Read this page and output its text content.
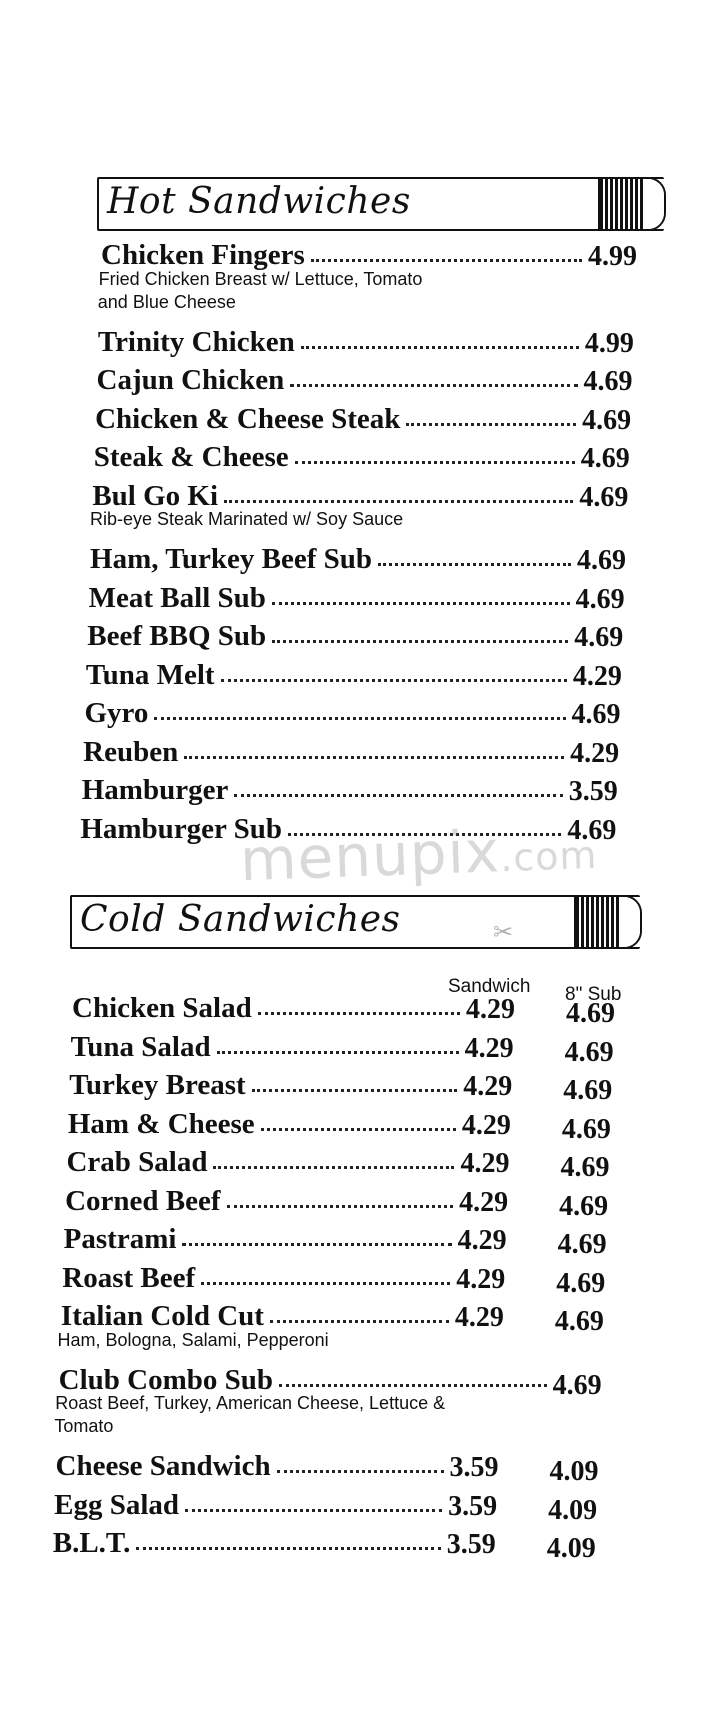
Hot Sandwiches
Chicken Fingers	4.99
Fried Chicken Breast w/ Lettuce, Tomato
and Blue Cheese
Trinity Chicken	4.99
Cajun Chicken	4.69
Chicken & Cheese Steak	4.69
Steak & Cheese	4.69
Bul Go Ki	4.69
Rib-eye Steak Marinated w/ Soy Sauce
Ham, Turkey Beef Sub	4.69
Meat Ball Sub	4.69
Beef BBQ Sub	4.69
Tuna Melt	4.29
Gyro	4.69
Reuben	4.29
Hamburger	3.59
Hamburger Sub	4.69
Cold Sandwiches
Sandwich 8" Sub
Chicken Salad	4.29 4.69
Tuna Salad	4.29 4.69
Turkey Breast	4.29 4.69
Ham & Cheese	4.29 4.69
Crab Salad	4.29 4.69
Corned Beef	4.29 4.69
Pastrami	4.29 4.69
Roast Beef	4.29 4.69
Italian Cold Cut	4.29 4.69
Ham, Bologna, Salami, Pepperoni
Club Combo Sub	4.69
Roast Beef, Turkey, American Cheese, Lettuce &
Tomato
Cheese Sandwich	3.59 4.09
Egg Salad	3.59 4.09
B.L.T.	3.59 4.09
menupix.com
✂
